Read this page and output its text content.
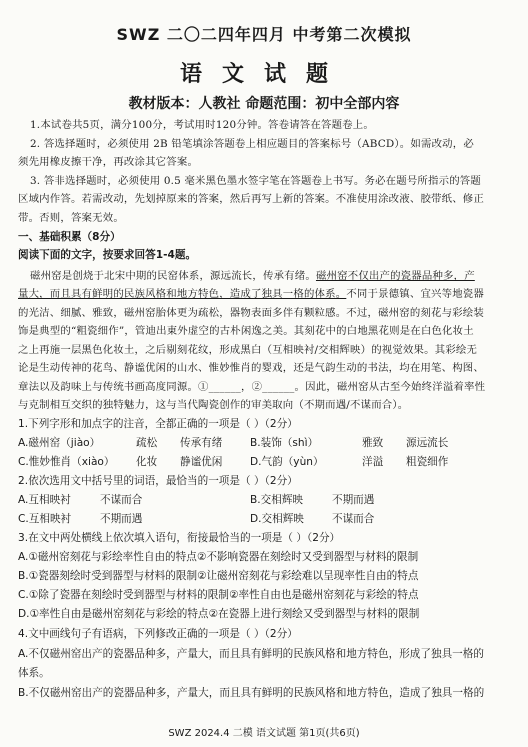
SWZ 二〇二四年四月 中考第二次模拟
语文试题
教材版本：人教社 命题范围：初中全部内容
1.本试卷共5页，满分100分，考试用时120分钟。答卷请答在答题卷上。
2. 答选择题时，必须使用 2B 铅笔填涂答题卷上相应题目的答案标号（ABCD）。如需改动，必
须先用橡皮擦干净，再改涂其它答案。
3. 答非选择题时，必须使用 0.5 毫米黑色墨水签字笔在答题卷上书写。务必在题号所指示的答题
区域内作答。若需改动，先划掉原来的答案，然后再写上新的答案。不准使用涂改液、胶带纸、修正
带。否则，答案无效。
一、基础积累（8分）
阅读下面的文字，按要求回答1-4题。
磁州窑是创烧于北宋中期的民窑体系，源远流长，传承有绪。磁州窑不仅出产的瓷器品种多，产
量大，而且具有鲜明的民族风格和地方特色，造成了独具一格的体系。不同于景德镇、宜兴等地瓷器
的光洁、细腻、雅致，磁州窑胎体更为疏松，器物表面多伴有颗粒感。不过，磁州窑的刻花与彩绘装
饰是典型的“粗瓷细作”，管迪出東外虚空的古朴闲逸之美。其刻花中的白地黑花则是在白色化妆土
之上再施一层黑色化妆土，之后剔刻花纹，形成黑白（互相映衬/交相辉映）的视觉效果。其彩绘无
论是生动传神的花鸟、静谧优闲的山水、惟妙惟肖的婴戏，还是气韵生动的书法，均在用笔、构图、
章法以及韵味上与传统书画高度同源。①______，②______。因此，磁州窑从古至今始终洋溢着率性
与克制相互交织的独特魅力，这与当代陶瓷创作的审美取向（不期而遇/不谋而合）。
1.下列字形和加点字的注音，全都正确的一项是（ ）（2分）
A.磁州窑（jiào）	疏松 传承有绪	B.装饰（shì）	雅致 源远流长
C.惟妙惟肖（xiào） 化妆 静谧优闲	D.气韵（yùn）	洋溢 粗瓷细作
2.依次选用文中括号里的词语，最恰当的一项是（ ）（2分）
A.互相映衬	不谋而合	B.交相辉映	不期而遇
C.互相映衬	不期而遇	D.交相辉映	不谋而合
3.在文中两处横线上依次填入语句，衔接最恰当的一项是（ ）（2分）
A.①磁州窑刻花与彩绘率性自由的特点②不影响瓷器在刻绘时又受到器型与材料的限制
B.①瓷器刻绘时受到器型与材料的限制②让磁州窑刻花与彩绘难以呈现率性自由的特点
C.①除了瓷器在刻绘时受到器型与材料的限制②率性自由也是磁州窑刻花与彩绘的特点
D.①率性自由是磁州窑刻花与彩绘的特点②在瓷器上进行刻绘又受到器型与材料的限制
4.文中画线句子有语病，下列修改正确的一项是（ ）（2分）
A.不仅磁州窑出产的瓷器品种多，产量大，而且具有鲜明的民族风格和地方特色，形成了独具一格的
体系。
B.不仅磁州窑出产的瓷器品种多，产量大，而且具有鲜明的民族风格和地方特色，造成了独具一格的
SWZ 2024.4 二模 语文试题 第1页(共6页)
